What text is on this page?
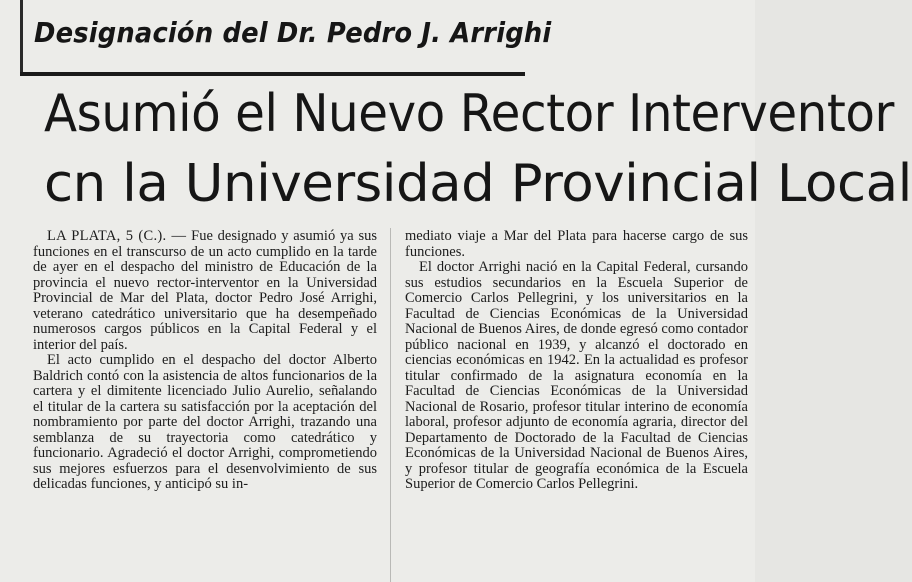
Designación del Dr. Pedro J. Arrighi
Asumió el Nuevo Rector Interventor
cn la Universidad Provincial Local

LA PLATA, 5 (C.). — Fue designado y asumió ya sus funciones en el transcurso de un acto cumplido en la tarde de ayer en el despacho del ministro de Educación de la provincia el nuevo rector-interventor en la Universidad Provincial de Mar del Plata, doctor Pedro José Arrighi, veterano catedrático universitario que ha desempeñado numerosos cargos públicos en la Capital Federal y el interior del país.

El acto cumplido en el despacho del doctor Alberto Baldrich contó con la asistencia de altos funcionarios de la cartera y el dimitente licenciado Julio Aurelio, señalando el titular de la cartera su satisfacción por la aceptación del nombramiento por parte del doctor Arrighi, trazando una semblanza de su trayectoria como catedrático y funcionario. Agradeció el doctor Arrighi, comprometiendo sus mejores esfuerzos para el desenvolvimiento de sus delicadas funciones, y anticipó su in-

mediato viaje a Mar del Plata para hacerse cargo de sus funciones.

El doctor Arrighi nació en la Capital Federal, cursando sus estudios secundarios en la Escuela Superior de Comercio Carlos Pellegrini, y los universitarios en la Facultad de Ciencias Económicas de la Universidad Nacional de Buenos Aires, de donde egresó como contador público nacional en 1939, y alcanzó el doctorado en ciencias económicas en 1942. En la actualidad es profesor titular confirmado de la asignatura economía en la Facultad de Ciencias Económicas de la Universidad Nacional de Rosario, profesor titular interino de economía laboral, profesor adjunto de economía agraria, director del Departamento de Doctorado de la Facultad de Ciencias Económicas de la Universidad Nacional de Buenos Aires, y profesor titular de geografía económica de la Escuela Superior de Comercio Carlos Pellegrini.
